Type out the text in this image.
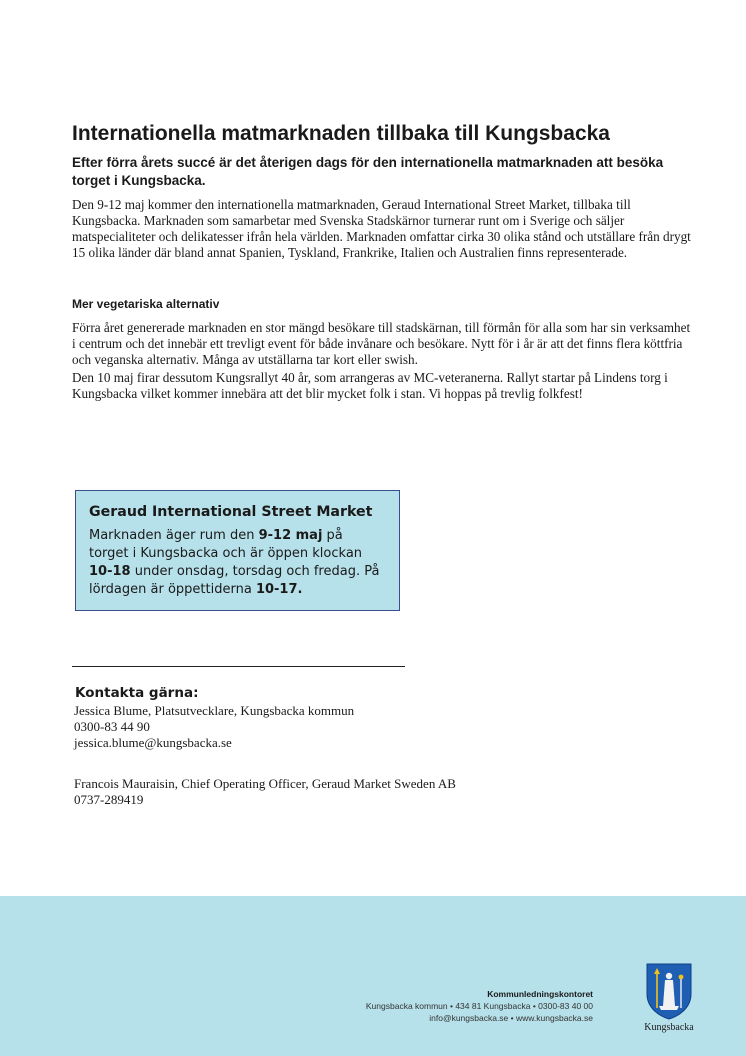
Internationella matmarknaden tillbaka till Kungsbacka

Efter förra årets succé är det återigen dags för den internationella matmarknaden att besöka torget i Kungsbacka.

Den 9-12 maj kommer den internationella matmarknaden, Geraud International Street Market, tillbaka till Kungsbacka. Marknaden som samarbetar med Svenska Stadskärnor turnerar runt om i Sverige och säljer matspecialiteter och delikatesser ifrån hela världen. Marknaden omfattar cirka 30 olika stånd och utställare från drygt 15 olika länder där bland annat Spanien, Tyskland, Frankrike, Italien och Australien finns representerade.

Mer vegetariska alternativ

Förra året genererade marknaden en stor mängd besökare till stadskärnan, till förmån för alla som har sin verksamhet i centrum och det innebär ett trevligt event för både invånare och besökare. Nytt för i år är att det finns flera köttfria och veganska alternativ. Många av utställarna tar kort eller swish.

Den 10 maj firar dessutom Kungsrallyt 40 år, som arrangeras av MC-veteranerna. Rallyt startar på Lindens torg i Kungsbacka vilket kommer innebära att det blir mycket folk i stan. Vi hoppas på trevlig folkfest!

Geraud International Street Market

Marknaden äger rum den 9-12 maj på torget i Kungsbacka och är öppen klockan 10-18 under onsdag, torsdag och fredag. På lördagen är öppettiderna 10-17.

Kontakta gärna:
Jessica Blume, Platsutvecklare, Kungsbacka kommun
0300-83 44 90
jessica.blume@kungsbacka.se
Francois Mauraisin, Chief Operating Officer, Geraud Market Sweden AB
0737-289419
Kommunledningskontoret
Kungsbacka kommun • 434 81 Kungsbacka • 0300-83 40 00
info@kungsbacka.se • www.kungsbacka.se
Kungsbacka
